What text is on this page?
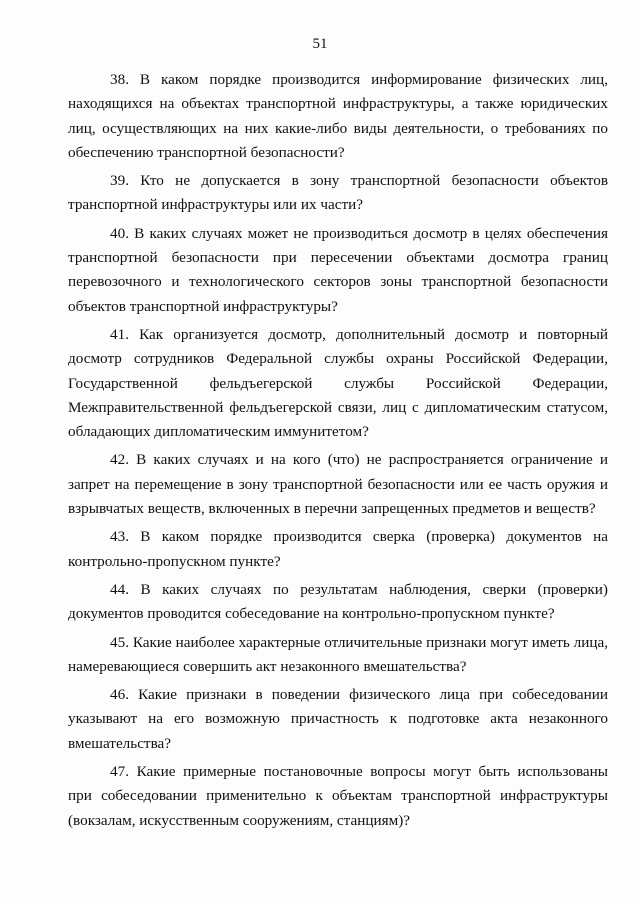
51

38. В каком порядке производится информирование физических лиц, находящихся на объектах транспортной инфраструктуры, а также юридических лиц, осуществляющих на них какие-либо виды деятельности, о требованиях по обеспечению транспортной безопасности?

39. Кто не допускается в зону транспортной безопасности объектов транспортной инфраструктуры или их части?

40. В каких случаях может не производиться досмотр в целях обеспечения транспортной безопасности при пересечении объектами досмотра границ перевозочного и технологического секторов зоны транспортной безопасности объектов транспортной инфраструктуры?

41. Как организуется досмотр, дополнительный досмотр и повторный досмотр сотрудников Федеральной службы охраны Российской Федерации, Государственной фельдъегерской службы Российской Федерации, Межправительственной фельдъегерской связи, лиц с дипломатическим статусом, обладающих дипломатическим иммунитетом?

42. В каких случаях и на кого (что) не распространяется ограничение и запрет на перемещение в зону транспортной безопасности или ее часть оружия и взрывчатых веществ, включенных в перечни запрещенных предметов и веществ?

43. В каком порядке производится сверка (проверка) документов на контрольно-пропускном пункте?

44. В каких случаях по результатам наблюдения, сверки (проверки) документов проводится собеседование на контрольно-пропускном пункте?

45. Какие наиболее характерные отличительные признаки могут иметь лица, намеревающиеся совершить акт незаконного вмешательства?

46. Какие признаки в поведении физического лица при собеседовании указывают на его возможную причастность к подготовке акта незаконного вмешательства?

47. Какие примерные постановочные вопросы могут быть использованы при собеседовании применительно к объектам транспортной инфраструктуры (вокзалам, искусственным сооружениям, станциям)?
